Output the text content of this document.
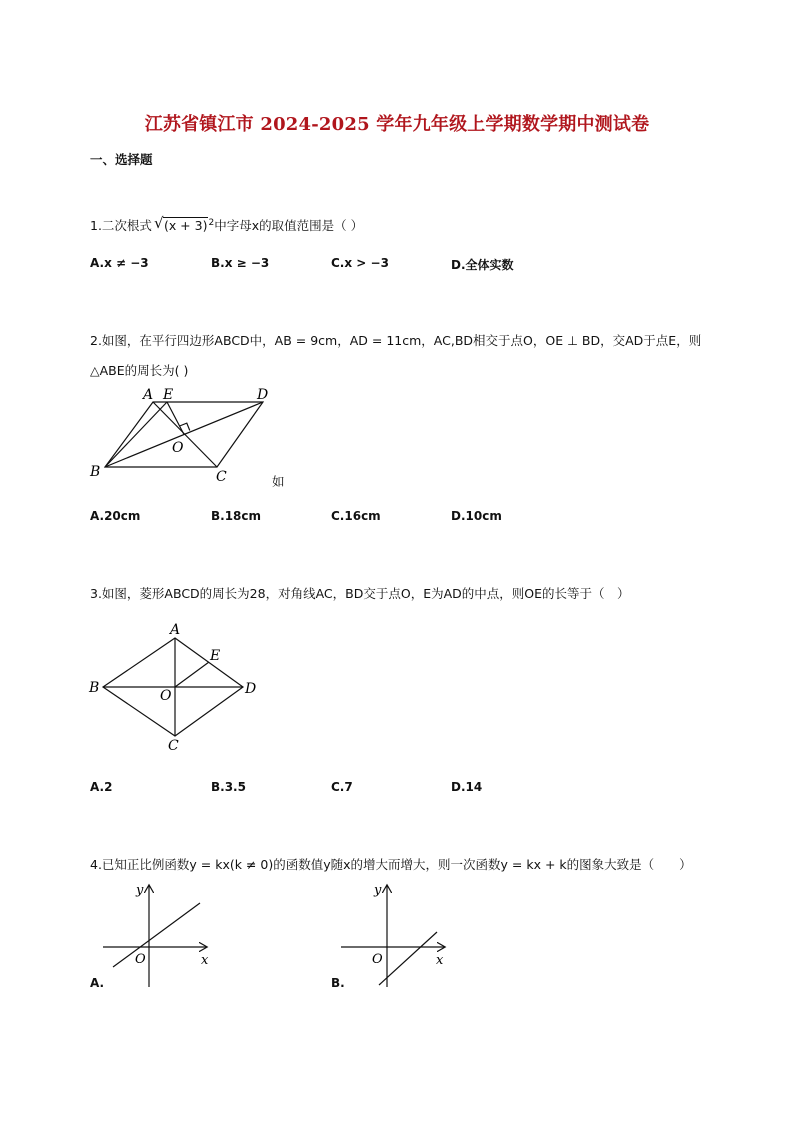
江苏省镇江市 2024-2025 学年九年级上学期数学期中测试卷
一、选择题
1.二次根式 √ $(x + 3)^2$中字母x的取值范围是（ ）
A.x ≠ −3	B.x ≥ −3	C.x > −3	D.全体实数
2.如图，在平行四边形ABCD中，AB = 9cm，AD = 11cm，AC,BD相交于点O，OE ⊥ BD，交AD于点E，则
△ABE的周长为( )
A E	D
O
B	C	如
A.20cm	B.18cm	C.16cm	D.10cm
3.如图，菱形ABCD的周长为28，对角线AC，BD交于点O，E为AD的中点，则OE的长等于（　）
A
E
B	O	D
C
A.2	B.3.5	C.7	D.14
4.已知正比例函数y = kx(k ≠ 0)的函数值y随x的增大而增大，则一次函数y = kx + k的图象大致是（　　）
y
x
O
A.
y
x
O
B.
